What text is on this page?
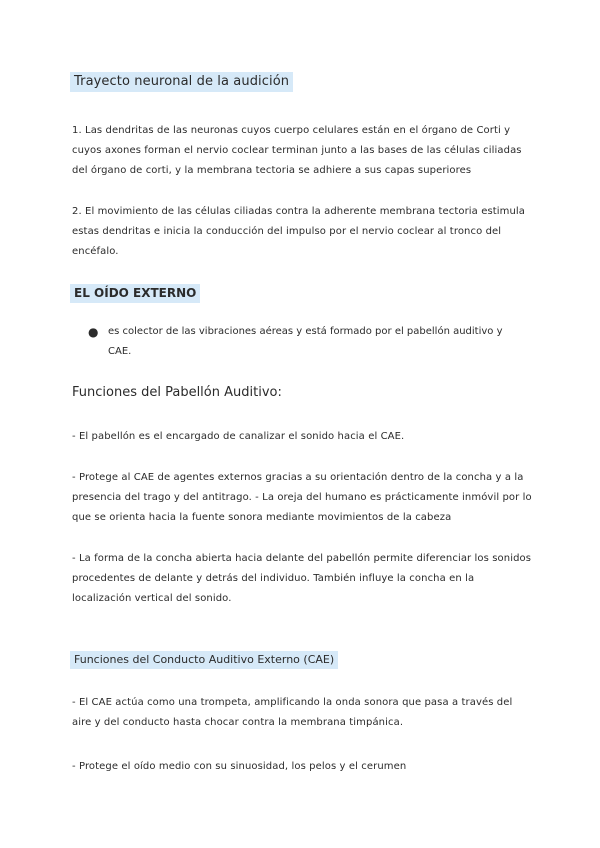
Trayecto neuronal de la audición
1. Las dendritas de las neuronas cuyos cuerpo celulares están en el órgano de Corti y cuyos axones forman el nervio coclear terminan junto a las bases de las células ciliadas del órgano de corti, y la membrana tectoria se adhiere a sus capas superiores
2. El movimiento de las células ciliadas contra la adherente membrana tectoria estimula estas dendritas e inicia la conducción del impulso por el nervio coclear al tronco del encéfalo.
EL OÍDO EXTERNO
● es colector de las vibraciones aéreas y está formado por el pabellón auditivo y CAE.
Funciones del Pabellón Auditivo:
- El pabellón es el encargado de canalizar el sonido hacia el CAE.
- Protege al CAE de agentes externos gracias a su orientación dentro de la concha y a la presencia del trago y del antitrago. - La oreja del humano es prácticamente inmóvil por lo que se orienta hacia la fuente sonora mediante movimientos de la cabeza
- La forma de la concha abierta hacia delante del pabellón permite diferenciar los sonidos procedentes de delante y detrás del individuo. También influye la concha en la localización vertical del sonido.
Funciones del Conducto Auditivo Externo (CAE)
- El CAE actúa como una trompeta, amplificando la onda sonora que pasa a través del aire y del conducto hasta chocar contra la membrana timpánica.
- Protege el oído medio con su sinuosidad, los pelos y el cerumen
